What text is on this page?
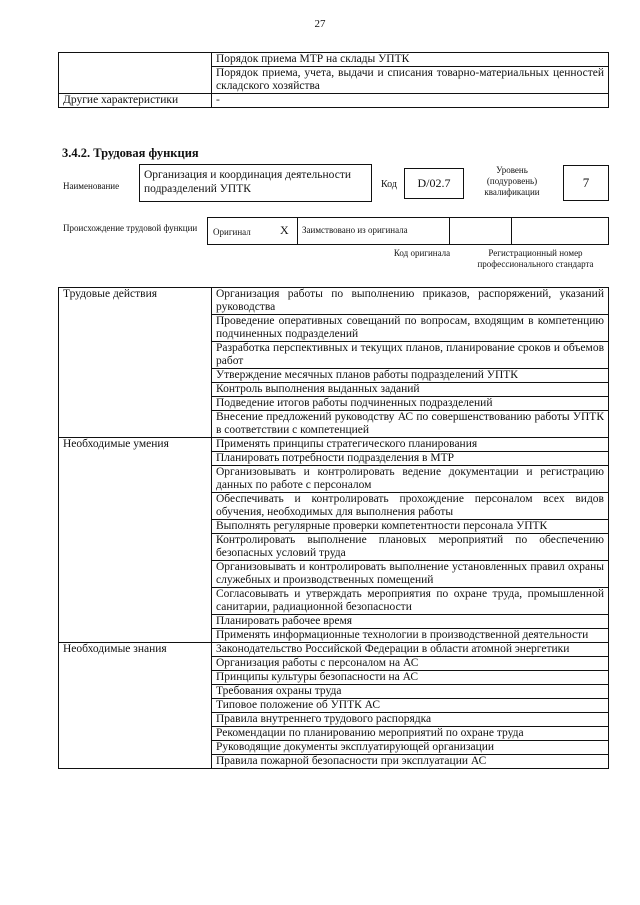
27
	Порядок приема МТР на склады УПТК
	Порядок приема, учета, выдачи и списания товарно-материальных ценностей складского хозяйства
Другие характеристики	-
3.4.2. Трудовая функция
Наименование
Организация и координация деятельности подразделений УПТК	Код	D/02.7
Уровень (подуровень) квалификации
7
Происхождение трудовой функции Оригинал X	Заимствовано из оригинала
Код оригинала	Регистрационный номер профессионального стандарта
Трудовые действия	Организация работы по выполнению приказов, распоряжений, указаний руководства
	Проведение оперативных совещаний по вопросам, входящим в компетенцию подчиненных подразделений
	Разработка перспективных и текущих планов, планирование сроков и объемов работ
	Утверждение месячных планов работы подразделений УПТК
	Контроль выполнения выданных заданий
	Подведение итогов работы подчиненных подразделений
	Внесение предложений руководству АС по совершенствованию работы УПТК в соответствии с компетенцией
Необходимые умения	Применять принципы стратегического планирования
	Планировать потребности подразделения в МТР
	Организовывать и контролировать ведение документации и регистрацию данных по работе с персоналом
	Обеспечивать и контролировать прохождение персоналом всех видов обучения, необходимых для выполнения работы
	Выполнять регулярные проверки компетентности персонала УПТК
	Контролировать выполнение плановых мероприятий по обеспечению безопасных условий труда
	Организовывать и контролировать выполнение установленных правил охраны служебных и производственных помещений
	Согласовывать и утверждать мероприятия по охране труда, промышленной санитарии, радиационной безопасности
	Планировать рабочее время
	Применять информационные технологии в производственной деятельности
Необходимые знания	Законодательство Российской Федерации в области атомной энергетики
	Организация работы с персоналом на АС
	Принципы культуры безопасности на АС
	Требования охраны труда
	Типовое положение об УПТК АС
	Правила внутреннего трудового распорядка
	Рекомендации по планированию мероприятий по охране труда
	Руководящие документы эксплуатирующей организации
	Правила пожарной безопасности при эксплуатации АС
